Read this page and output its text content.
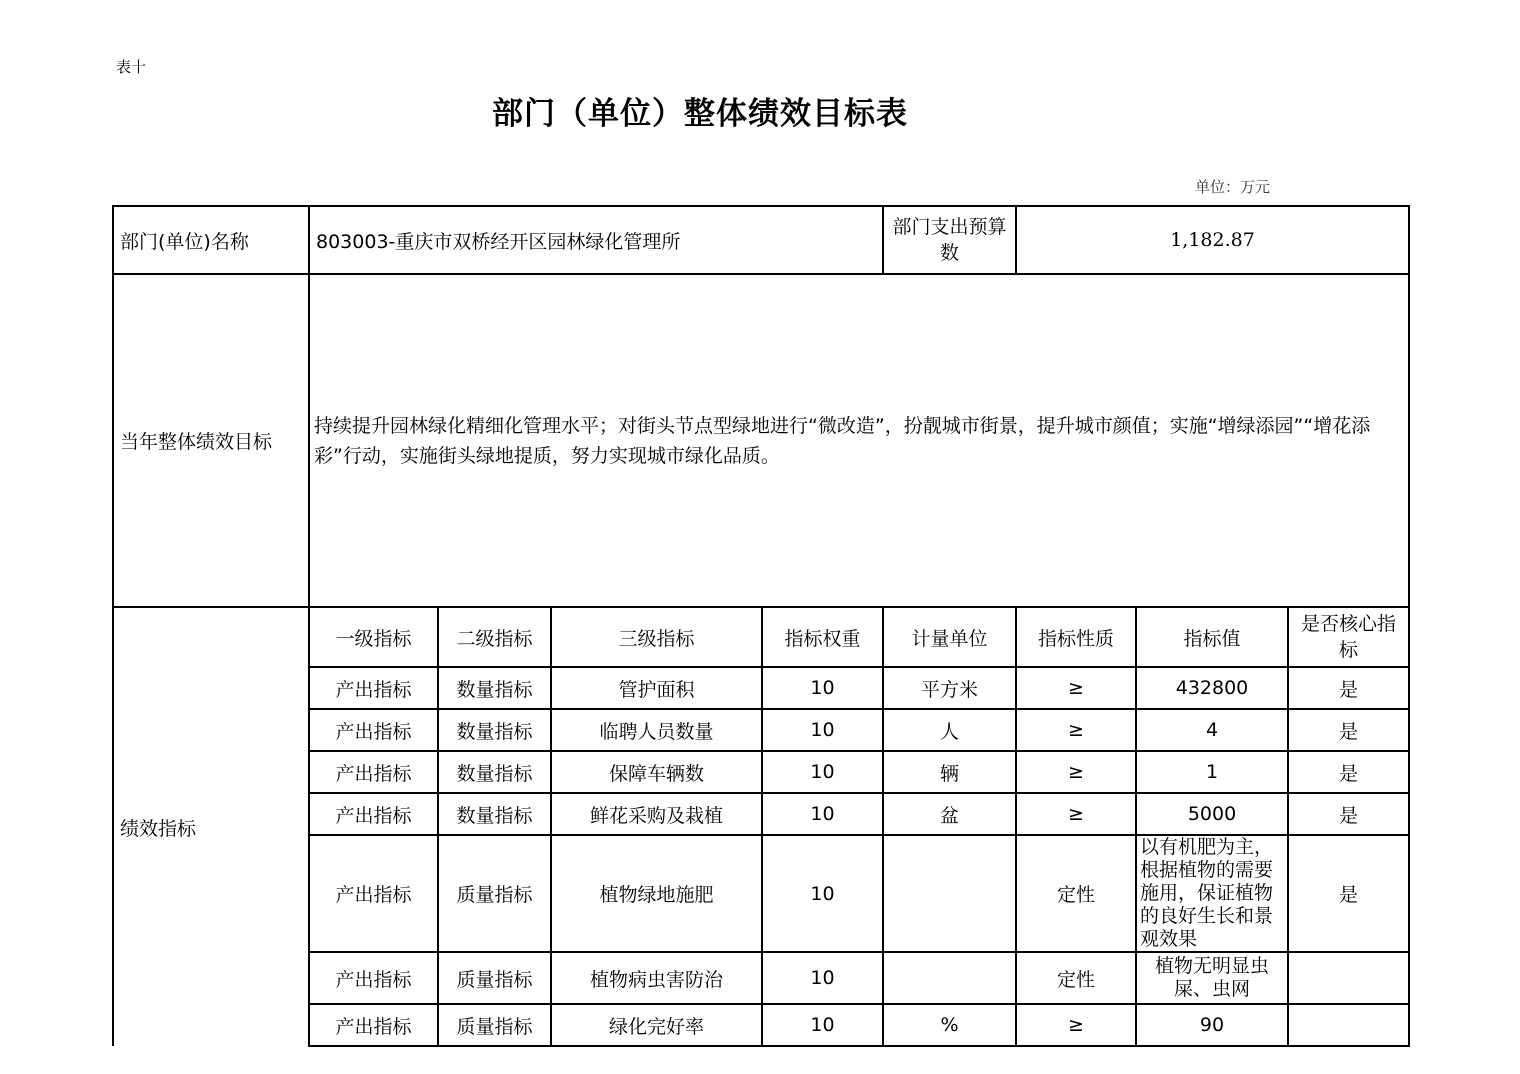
表十
部门（单位）整体绩效目标表
单位：万元
部门(单位)名称	803003-重庆市双桥经开区园林绿化管理所				部门支出预算数	1,182.87		
当年整体绩效目标	持续提升园林绿化精细化管理水平；对街头节点型绿地进行“微改造”，扮靓城市街景，提升城市颜值；实施“增绿添园”“增花添彩”行动，实施街头绿地提质，努力实现城市绿化品质。							
绩效指标	一级指标	二级指标	三级指标	指标权重	计量单位	指标性质	指标值	是否核心指标
	产出指标	数量指标	管护面积	10	平方米	≥	432800	是
	产出指标	数量指标	临聘人员数量	10	人	≥	4	是
	产出指标	数量指标	保障车辆数	10	辆	≥	1	是
	产出指标	数量指标	鲜花采购及栽植	10	盆	≥	5000	是
	产出指标	质量指标	植物绿地施肥	10		定性	以有机肥为主，根据植物的需要施用，保证植物的良好生长和景观效果	是
	产出指标	质量指标	植物病虫害防治	10		定性	植物无明显虫屎、虫网	
	产出指标	质量指标	绿化完好率	10	%	≥	90	
